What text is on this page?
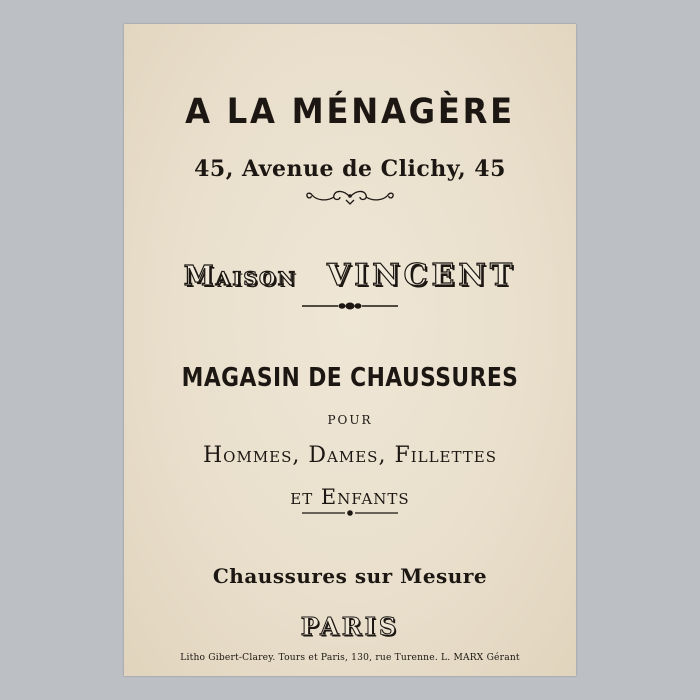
A LA MÉNAGÈRE
45, Avenue de Clichy, 45
Maison VINCENT
MAGASIN DE CHAUSSURES
POUR
Hommes, Dames, Fillettes
et Enfants
Chaussures sur Mesure
PARIS
Litho Gibert-Clarey. Tours et Paris, 130, rue Turenne. L. MARX Gérant
